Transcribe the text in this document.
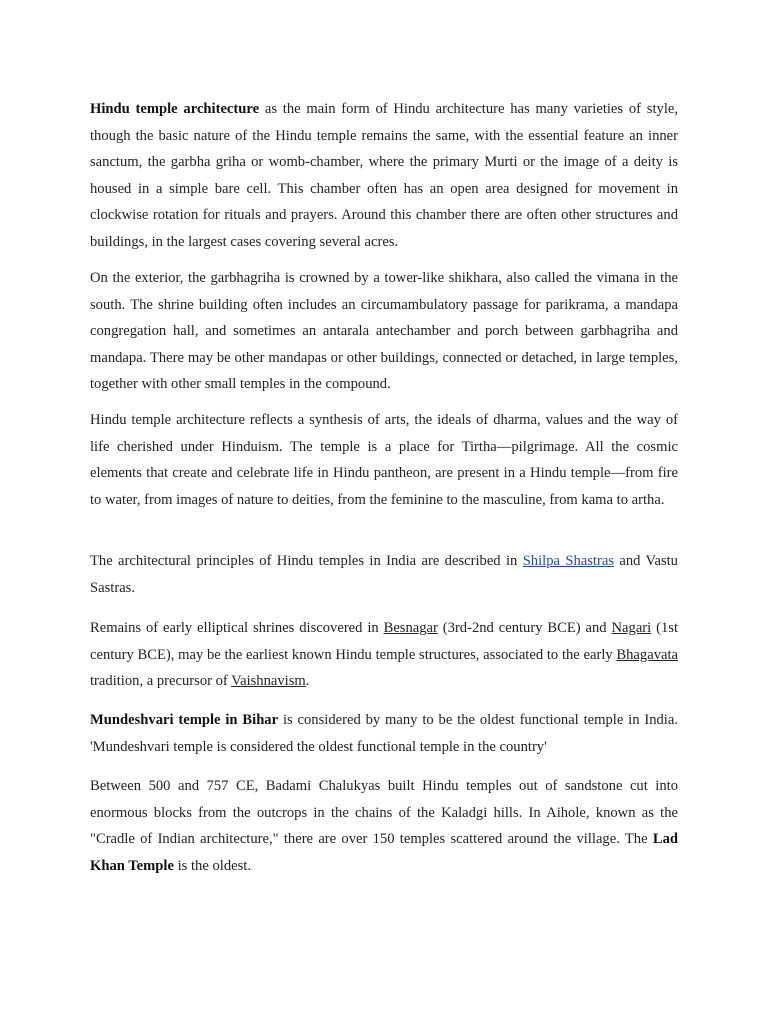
Hindu temple architecture as the main form of Hindu architecture has many varieties of style, though the basic nature of the Hindu temple remains the same, with the essential feature an inner sanctum, the garbha griha or womb-chamber, where the primary Murti or the image of a deity is housed in a simple bare cell. This chamber often has an open area designed for movement in clockwise rotation for rituals and prayers. Around this chamber there are often other structures and buildings, in the largest cases covering several acres.

On the exterior, the garbhagriha is crowned by a tower-like shikhara, also called the vimana in the south. The shrine building often includes an circumambulatory passage for parikrama, a mandapa congregation hall, and sometimes an antarala antechamber and porch between garbhagriha and mandapa. There may be other mandapas or other buildings, connected or detached, in large temples, together with other small temples in the compound.

Hindu temple architecture reflects a synthesis of arts, the ideals of dharma, values and the way of life cherished under Hinduism. The temple is a place for Tirtha—pilgrimage. All the cosmic elements that create and celebrate life in Hindu pantheon, are present in a Hindu temple—from fire to water, from images of nature to deities, from the feminine to the masculine, from kama to artha.

The architectural principles of Hindu temples in India are described in Shilpa Shastras and Vastu Sastras.

Remains of early elliptical shrines discovered in Besnagar (3rd-2nd century BCE) and Nagari (1st century BCE), may be the earliest known Hindu temple structures, associated to the early Bhagavata tradition, a precursor of Vaishnavism.

Mundeshvari temple in Bihar is considered by many to be the oldest functional temple in India. 'Mundeshvari temple is considered the oldest functional temple in the country'

Between 500 and 757 CE, Badami Chalukyas built Hindu temples out of sandstone cut into enormous blocks from the outcrops in the chains of the Kaladgi hills. In Aihole, known as the "Cradle of Indian architecture," there are over 150 temples scattered around the village. The Lad Khan Temple is the oldest.
